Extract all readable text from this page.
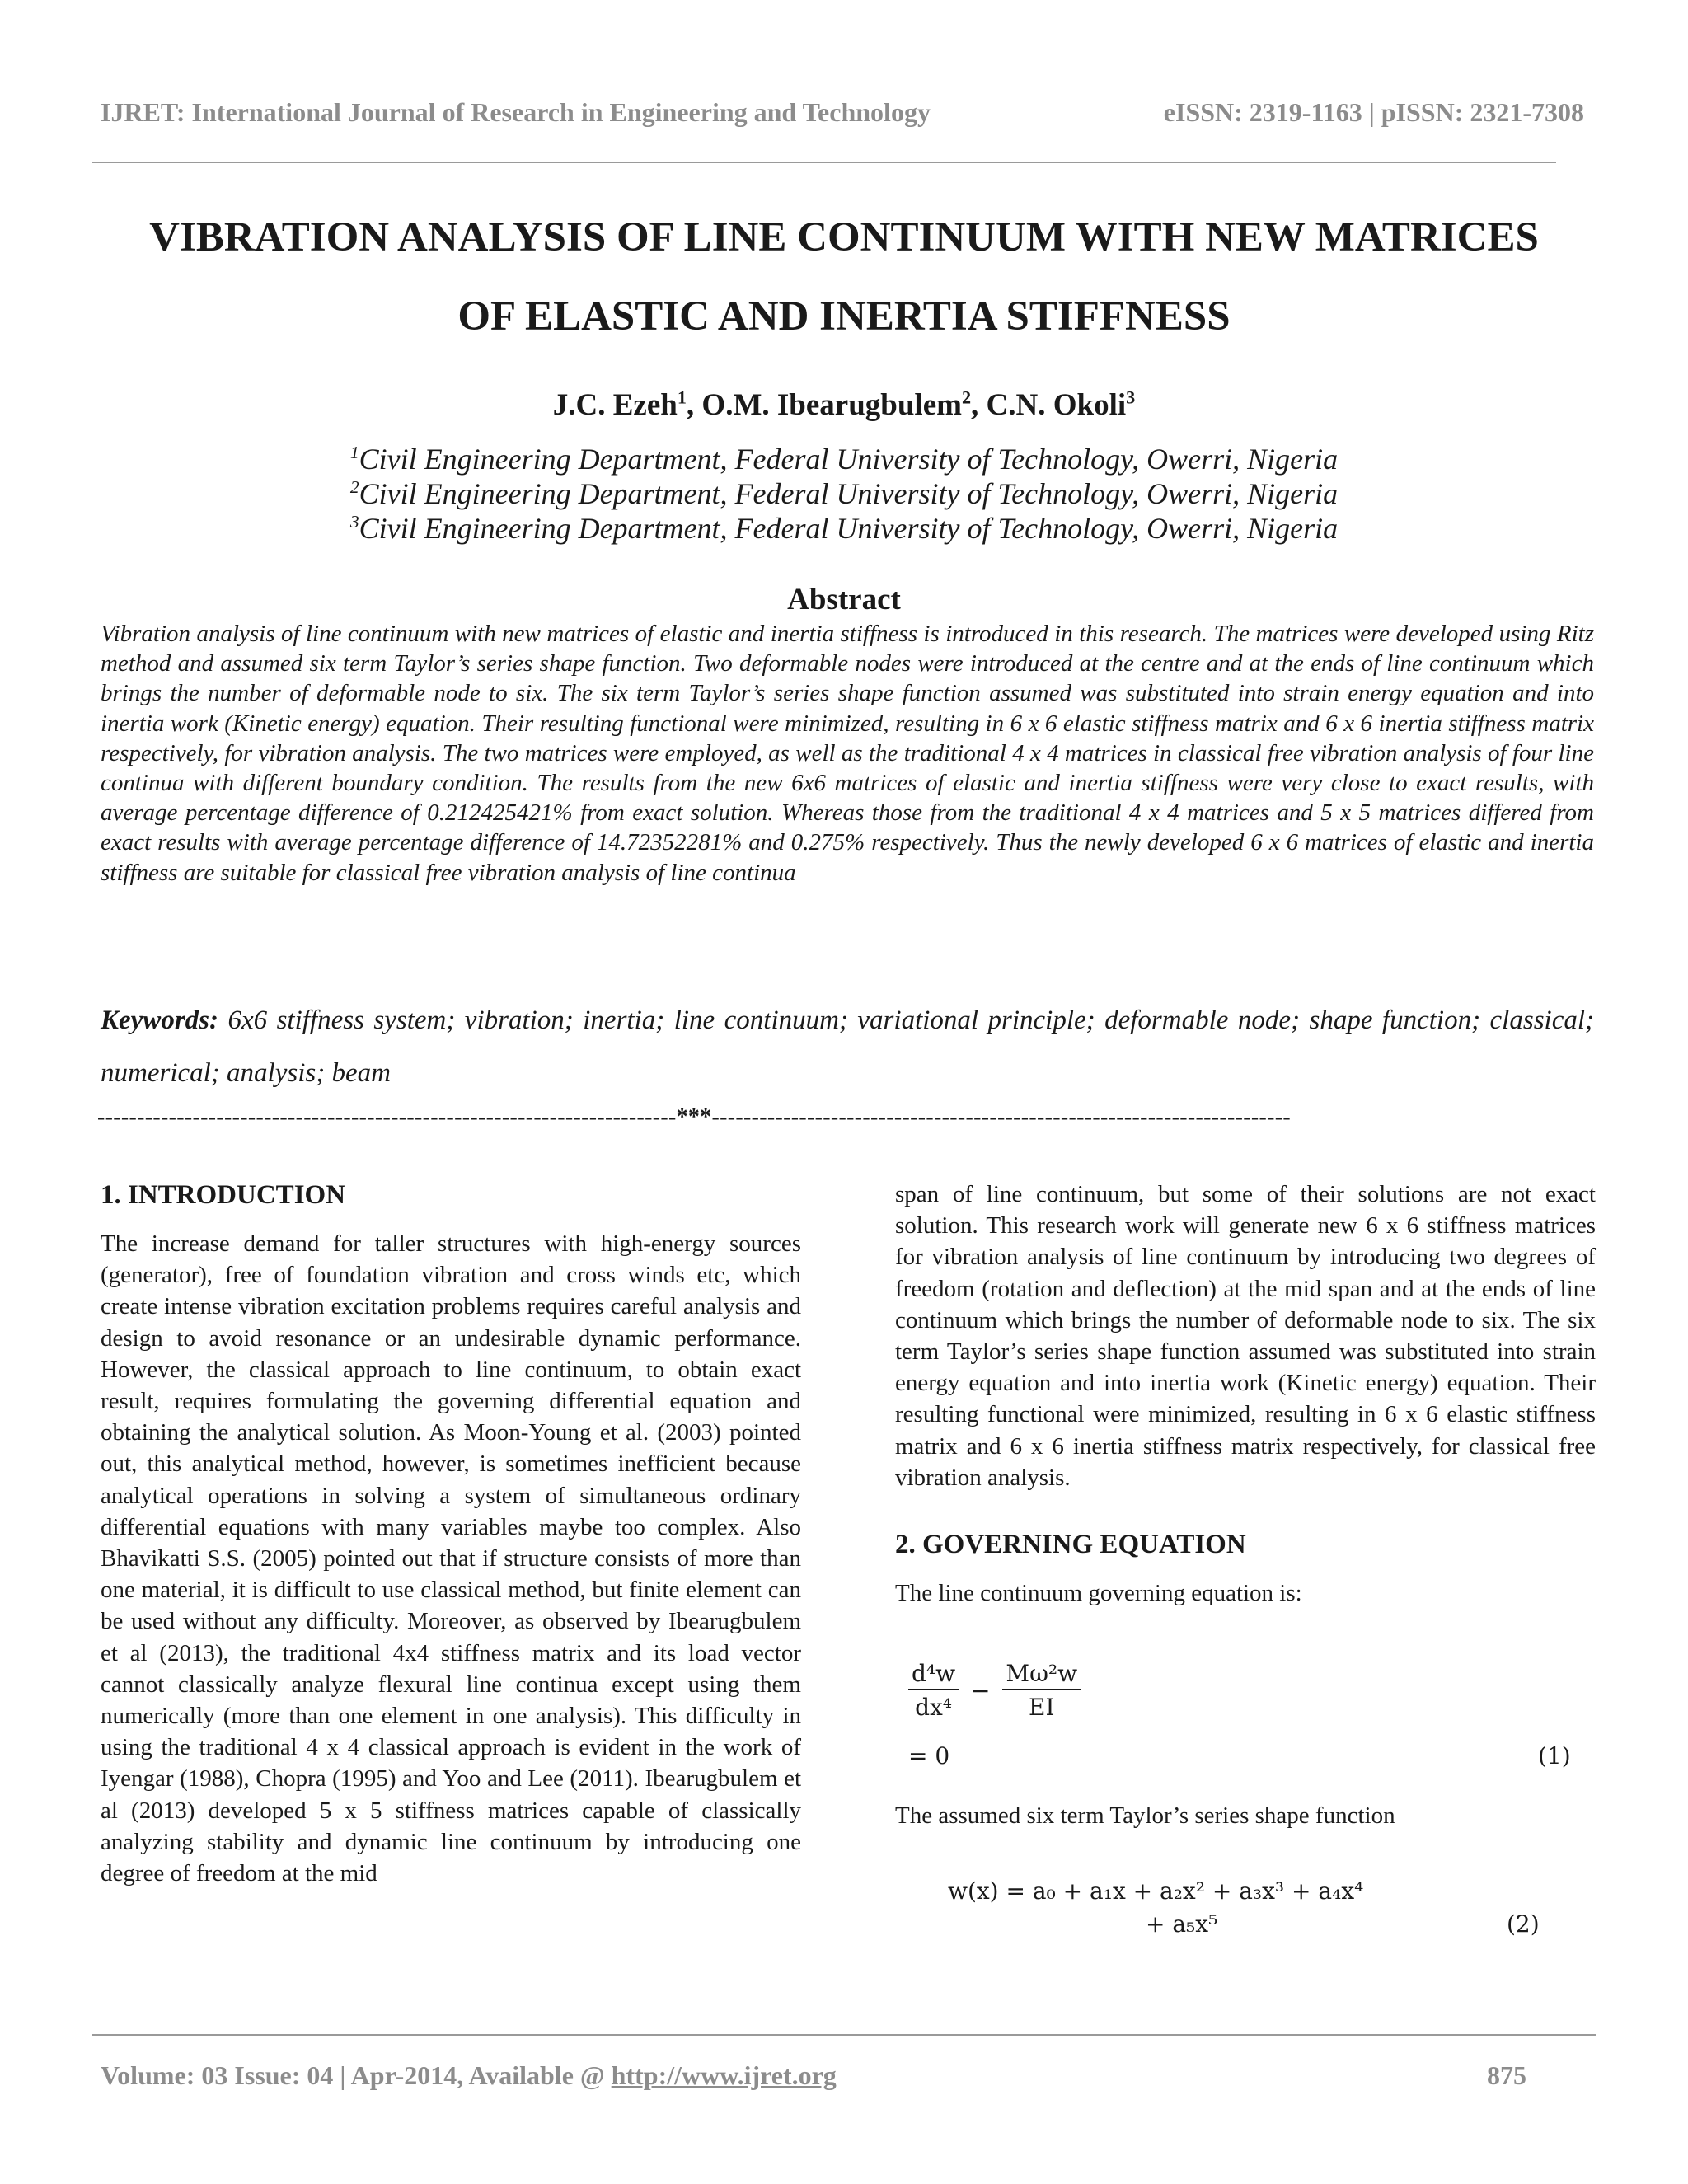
IJRET: International Journal of Research in Engineering and Technology	eISSN: 2319-1163 | pISSN: 2321-7308
VIBRATION ANALYSIS OF LINE CONTINUUM WITH NEW MATRICES
OF ELASTIC AND INERTIA STIFFNESS
J.C. Ezeh$^1$, O.M. Ibearugbulem$^2$, C.N. Okoli$^3$
$^1$Civil Engineering Department, Federal University of Technology, Owerri, Nigeria
$^2$Civil Engineering Department, Federal University of Technology, Owerri, Nigeria
$^3$Civil Engineering Department, Federal University of Technology, Owerri, Nigeria
Abstract
Vibration analysis of line continuum with new matrices of elastic and inertia stiffness is introduced in this research. The matrices were developed using Ritz method and assumed six term Taylor’s series shape function. Two deformable nodes were introduced at the centre and at the ends of line continuum which brings the number of deformable node to six. The six term Taylor’s series shape function assumed was substituted into strain energy equation and into inertia work (Kinetic energy) equation. Their resulting functional were minimized, resulting in 6 x 6 elastic stiffness matrix and 6 x 6 inertia stiffness matrix respectively, for vibration analysis. The two matrices were employed, as well as the traditional 4 x 4 matrices in classical free vibration analysis of four line continua with different boundary condition. The results from the new 6x6 matrices of elastic and inertia stiffness were very close to exact results, with average percentage difference of 0.212425421% from exact solution. Whereas those from the traditional 4 x 4 matrices and 5 x 5 matrices differed from exact results with average percentage difference of 14.72352281% and 0.275% respectively. Thus the newly developed 6 x 6 matrices of elastic and inertia stiffness are suitable for classical free vibration analysis of line continua
Keywords: 6x6 stiffness system; vibration; inertia; line continuum; variational principle; deformable node; shape function; classical; numerical; analysis; beam
-------------------------------------------------------------------------***-------------------------------------------------------------------------
1. INTRODUCTION

The increase demand for taller structures with high-energy sources (generator), free of foundation vibration and cross winds etc, which create intense vibration excitation problems requires careful analysis and design to avoid resonance or an undesirable dynamic performance. However, the classical approach to line continuum, to obtain exact result, requires formulating the governing differential equation and obtaining the analytical solution. As Moon-Young et al. (2003) pointed out, this analytical method, however, is sometimes inefficient because analytical operations in solving a system of simultaneous ordinary differential equations with many variables maybe too complex. Also Bhavikatti S.S. (2005) pointed out that if structure consists of more than one material, it is difficult to use classical method, but finite element can be used without any difficulty. Moreover, as observed by Ibearugbulem et al (2013), the traditional 4x4 stiffness matrix and its load vector cannot classically analyze flexural line continua except using them numerically (more than one element in one analysis). This difficulty in using the traditional 4 x 4 classical approach is evident in the work of Iyengar (1988), Chopra (1995) and Yoo and Lee (2011). Ibearugbulem et al (2013) developed 5 x 5 stiffness matrices capable of classically analyzing stability and dynamic line continuum by introducing one degree of freedom at the mid

span of line continuum, but some of their solutions are not exact solution. This research work will generate new 6 x 6 stiffness matrices for vibration analysis of line continuum by introducing two degrees of freedom (rotation and deflection) at the mid span and at the ends of line continuum which brings the number of deformable node to six. The six term Taylor’s series shape function assumed was substituted into strain energy equation and into inertia work (Kinetic energy) equation. Their resulting functional were minimized, resulting in 6 x 6 elastic stiffness matrix and 6 x 6 inertia stiffness matrix respectively, for classical free vibration analysis.

2. GOVERNING EQUATION

The line continuum governing equation is:

$\frac{\text{d⁴w}}{\text{dx⁴}} - \frac{\text{Mω²w}}{EI}$
= 0	(1)

The assumed six term Taylor’s series shape function

w(x) = a₀ + a₁x + a₂x² + a₃x³ + a₄x⁴
+ a₅x⁵	(2)
Volume: 03 Issue: 04 | Apr-2014, Available @ http://www.ijret.org	875
